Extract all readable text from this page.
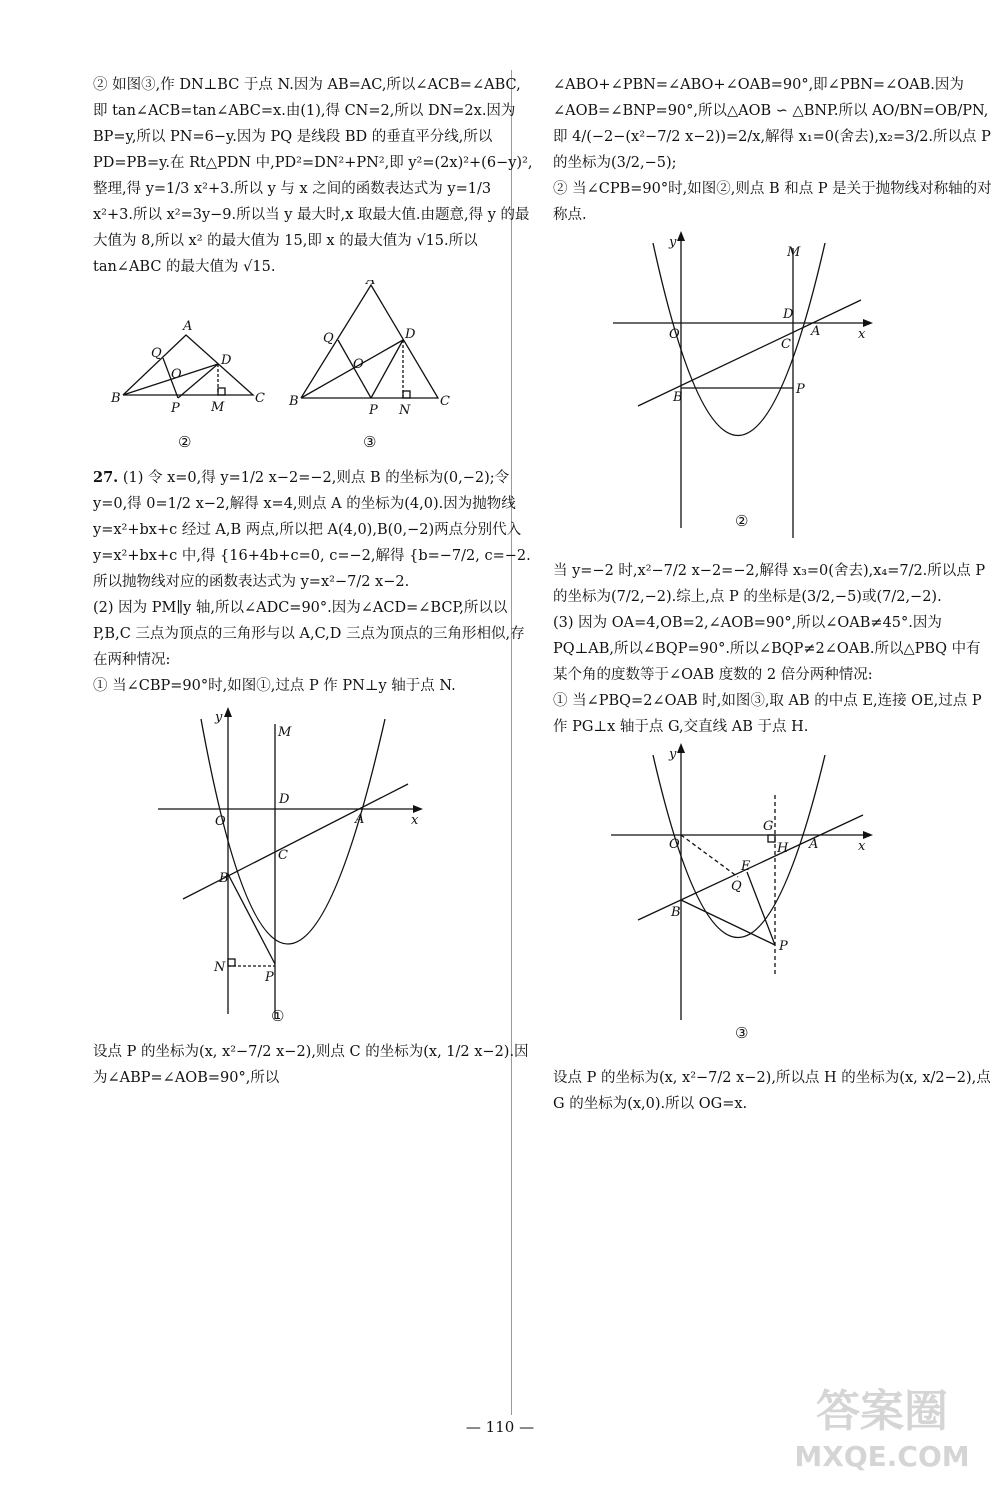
② 如图③,作 DN⊥BC 于点 N.因为 AB=AC,所以∠ACB=∠ABC,即 tan∠ACB=tan∠ABC=x.由(1),得 CN=2,所以 DN=2x.因为 BP=y,所以 PN=6−y.因为 PQ 是线段 BD 的垂直平分线,所以 PD=PB=y.在 Rt△PDN 中,PD²=DN²+PN²,即 y²=(2x)²+(6−y)²,整理,得 y=1/3 x²+3.所以 y 与 x 之间的函数表达式为 y=1/3 x²+3.所以 x²=3y−9.所以当 y 最大时,x 取最大值.由题意,得 y 的最大值为 8,所以 x² 的最大值为 15,即 x 的最大值为 √15.所以 tan∠ABC 的最大值为 √15.

B
A
C
Q
O
D
P M
A
B	C
Q
O
D
P N
②	③

27. (1) 令 x=0,得 y=1/2 x−2=−2,则点 B 的坐标为(0,−2);令 y=0,得 0=1/2 x−2,解得 x=4,则点 A 的坐标为(4,0).因为抛物线 y=x²+bx+c 经过 A,B 两点,所以把 A(4,0),B(0,−2)两点分别代入 y=x²+bx+c 中,得 {16+4b+c=0, c=−2,解得 {b=−7/2, c=−2.所以抛物线对应的函数表达式为 y=x²−7/2 x−2.

(2) 因为 PM∥y 轴,所以∠ADC=90°.因为∠ACD=∠BCP,所以以 P,B,C 三点为顶点的三角形与以 A,C,D 三点为顶点的三角形相似,存在两种情况:

① 当∠CBP=90°时,如图①,过点 P 作 PN⊥y 轴于点 N.

y
x
O
M
D
A
C
B
N
P
①

设点 P 的坐标为(x, x²−7/2 x−2),则点 C 的坐标为(x, 1/2 x−2).因为∠ABP=∠AOB=90°,所以

∠ABO+∠PBN=∠ABO+∠OAB=90°,即∠PBN=∠OAB.因为∠AOB=∠BNP=90°,所以△AOB ∽ △BNP.所以 AO/BN=OB/PN,即 4/(−2−(x²−7/2 x−2))=2/x,解得 x₁=0(舍去),x₂=3/2.所以点 P 的坐标为(3/2,−5);

② 当∠CPB=90°时,如图②,则点 B 和点 P 是关于抛物线对称轴的对称点.

y
x
O
M
D
A
C
B
P
②

当 y=−2 时,x²−7/2 x−2=−2,解得 x₃=0(舍去),x₄=7/2.所以点 P 的坐标为(7/2,−2).综上,点 P 的坐标是(3/2,−5)或(7/2,−2).

(3) 因为 OA=4,OB=2,∠AOB=90°,所以∠OAB≠45°.因为 PQ⊥AB,所以∠BQP=90°.所以∠BQP≠2∠OAB.所以△PBQ 中有某个角的度数等于∠OAB 度数的 2 倍分两种情况:

① 当∠PBQ=2∠OAB 时,如图③,取 AB 的中点 E,连接 OE,过点 P 作 PG⊥x 轴于点 G,交直线 AB 于点 H.

y
x
O
G
H A
E
Q
B
P
③

设点 P 的坐标为(x, x²−7/2 x−2),所以点 H 的坐标为(x, x/2−2),点 G 的坐标为(x,0).所以 OG=x.

— 110 —	答案圈
MXQE.COM
